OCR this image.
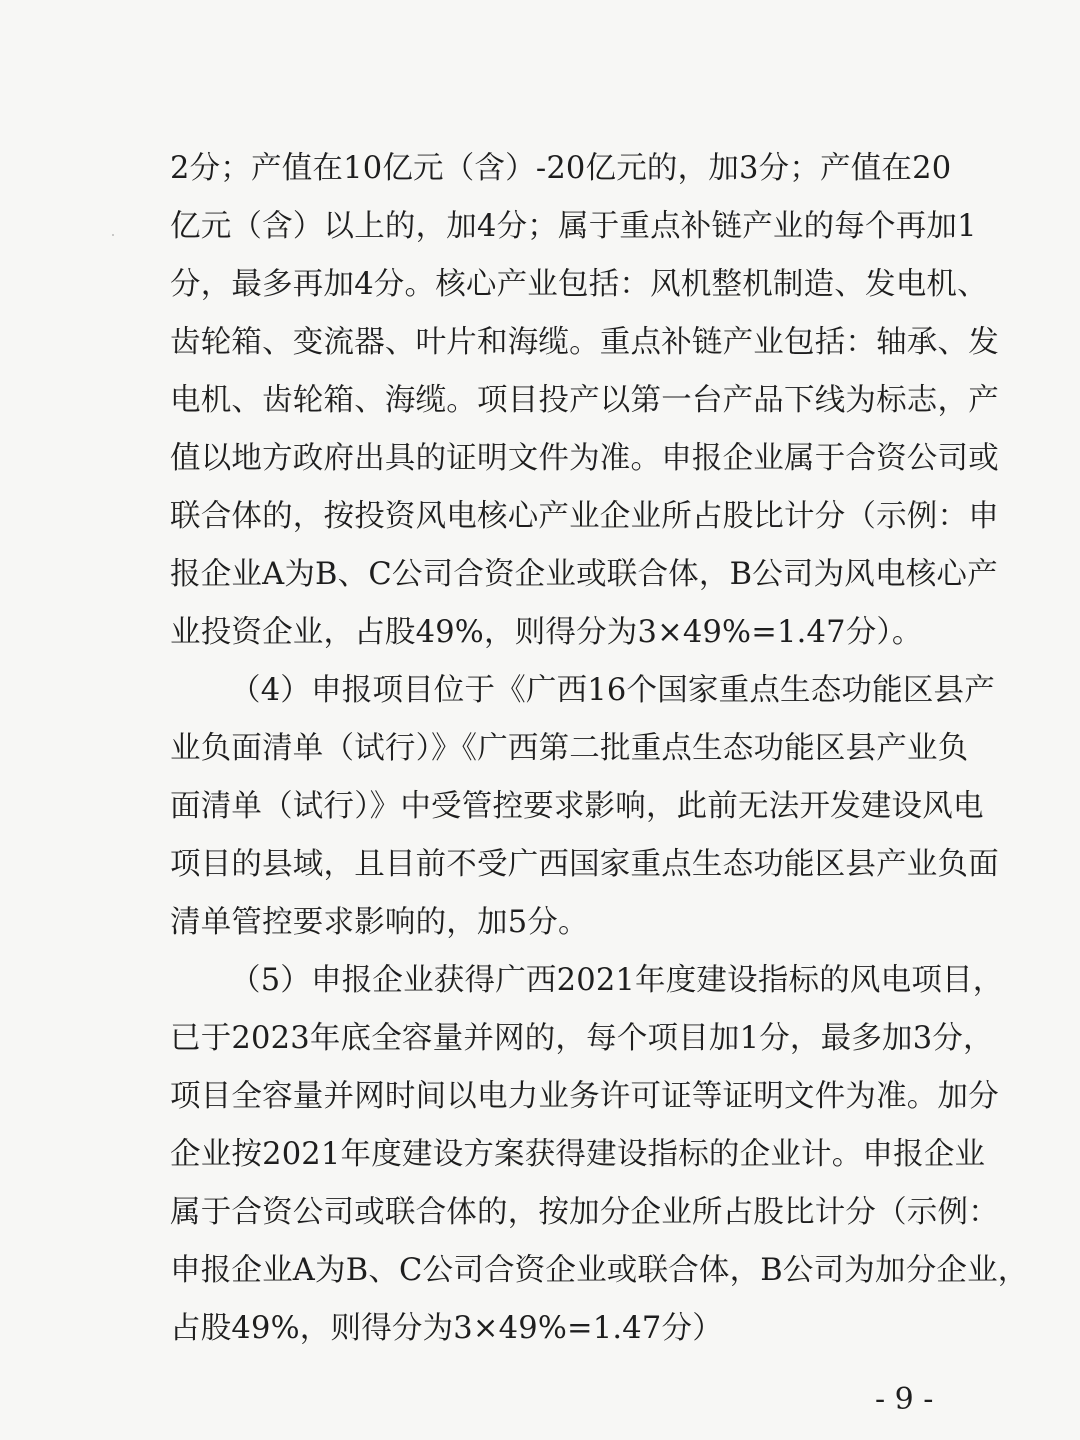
2分；产值在10亿元（含）-20亿元的，加3分；产值在20
亿元（含）以上的，加4分；属于重点补链产业的每个再加1
分，最多再加4分。核心产业包括：风机整机制造、发电机、
齿轮箱、变流器、叶片和海缆。重点补链产业包括：轴承、发
电机、齿轮箱、海缆。项目投产以第一台产品下线为标志，产
值以地方政府出具的证明文件为准。申报企业属于合资公司或
联合体的，按投资风电核心产业企业所占股比计分（示例：申
报企业A为B、C公司合资企业或联合体，B公司为风电核心产
业投资企业，占股49%，则得分为3×49%=1.47分）。
（4）申报项目位于《广西16个国家重点生态功能区县产
业负面清单（试行）》《广西第二批重点生态功能区县产业负
面清单（试行）》中受管控要求影响，此前无法开发建设风电
项目的县域，且目前不受广西国家重点生态功能区县产业负面
清单管控要求影响的，加5分。
（5）申报企业获得广西2021年度建设指标的风电项目，
已于2023年底全容量并网的，每个项目加1分，最多加3分，
项目全容量并网时间以电力业务许可证等证明文件为准。加分
企业按2021年度建设方案获得建设指标的企业计。申报企业
属于合资公司或联合体的，按加分企业所占股比计分（示例：
申报企业A为B、C公司合资企业或联合体，B公司为加分企业，
占股49%，则得分为3×49%=1.47分）
- 9 -
